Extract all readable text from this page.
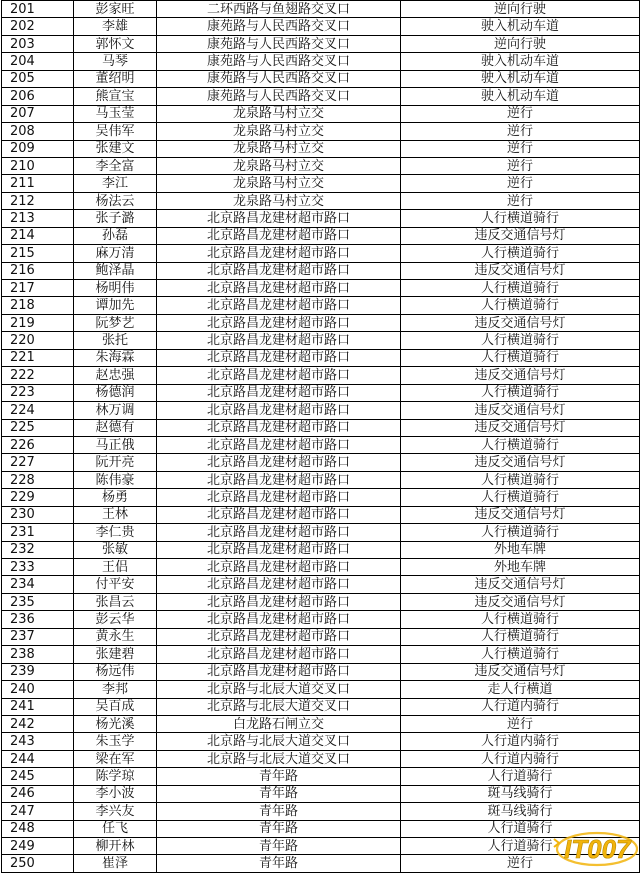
201	彭家旺	二环西路与鱼翅路交叉口	逆向行驶
202	李雄	康苑路与人民西路交叉口	驶入机动车道
203	郭怀文	康苑路与人民西路交叉口	逆向行驶
204	马琴	康苑路与人民西路交叉口	驶入机动车道
205	董绍明	康苑路与人民西路交叉口	驶入机动车道
206	熊宣宝	康苑路与人民西路交叉口	驶入机动车道
207	马玉莹	龙泉路马村立交	逆行
208	吴伟军	龙泉路马村立交	逆行
209	张建文	龙泉路马村立交	逆行
210	李全富	龙泉路马村立交	逆行
211	李江	龙泉路马村立交	逆行
212	杨法云	龙泉路马村立交	逆行
213	张子潞	北京路昌龙建材超市路口	人行横道骑行
214	孙磊	北京路昌龙建材超市路口	违反交通信号灯
215	麻万清	北京路昌龙建材超市路口	人行横道骑行
216	鲍泽晶	北京路昌龙建材超市路口	违反交通信号灯
217	杨明伟	北京路昌龙建材超市路口	人行横道骑行
218	谭加先	北京路昌龙建材超市路口	人行横道骑行
219	阮梦艺	北京路昌龙建材超市路口	违反交通信号灯
220	张托	北京路昌龙建材超市路口	人行横道骑行
221	朱海霖	北京路昌龙建材超市路口	人行横道骑行
222	赵忠强	北京路昌龙建材超市路口	违反交通信号灯
223	杨德润	北京路昌龙建材超市路口	人行横道骑行
224	林万调	北京路昌龙建材超市路口	违反交通信号灯
225	赵德有	北京路昌龙建材超市路口	违反交通信号灯
226	马正俄	北京路昌龙建材超市路口	人行横道骑行
227	阮开亮	北京路昌龙建材超市路口	违反交通信号灯
228	陈伟豪	北京路昌龙建材超市路口	人行横道骑行
229	杨勇	北京路昌龙建材超市路口	人行横道骑行
230	王林	北京路昌龙建材超市路口	违反交通信号灯
231	李仁贵	北京路昌龙建材超市路口	人行横道骑行
232	张敏	北京路昌龙建材超市路口	外地车牌
233	王侣	北京路昌龙建材超市路口	外地车牌
234	付平安	北京路昌龙建材超市路口	违反交通信号灯
235	张昌云	北京路昌龙建材超市路口	违反交通信号灯
236	彭云华	北京路昌龙建材超市路口	人行横道骑行
237	黄永生	北京路昌龙建材超市路口	人行横道骑行
238	张建碧	北京路昌龙建材超市路口	人行横道骑行
239	杨远伟	北京路昌龙建材超市路口	违反交通信号灯
240	李邦	北京路与北辰大道交叉口	走人行横道
241	吴百成	北京路与北辰大道交叉口	人行道内骑行
242	杨光溪	白龙路石闸立交	逆行
243	朱玉学	北京路与北辰大道交叉口	人行道内骑行
244	梁在军	北京路与北辰大道交叉口	人行道内骑行
245	陈学琼	青年路	人行道骑行
246	李小波	青年路	斑马线骑行
247	李兴友	青年路	斑马线骑行
248	任飞	青年路	人行道骑行
249	柳开林	青年路	人行道骑行
250	崔泽	青年路	逆行 IT007
